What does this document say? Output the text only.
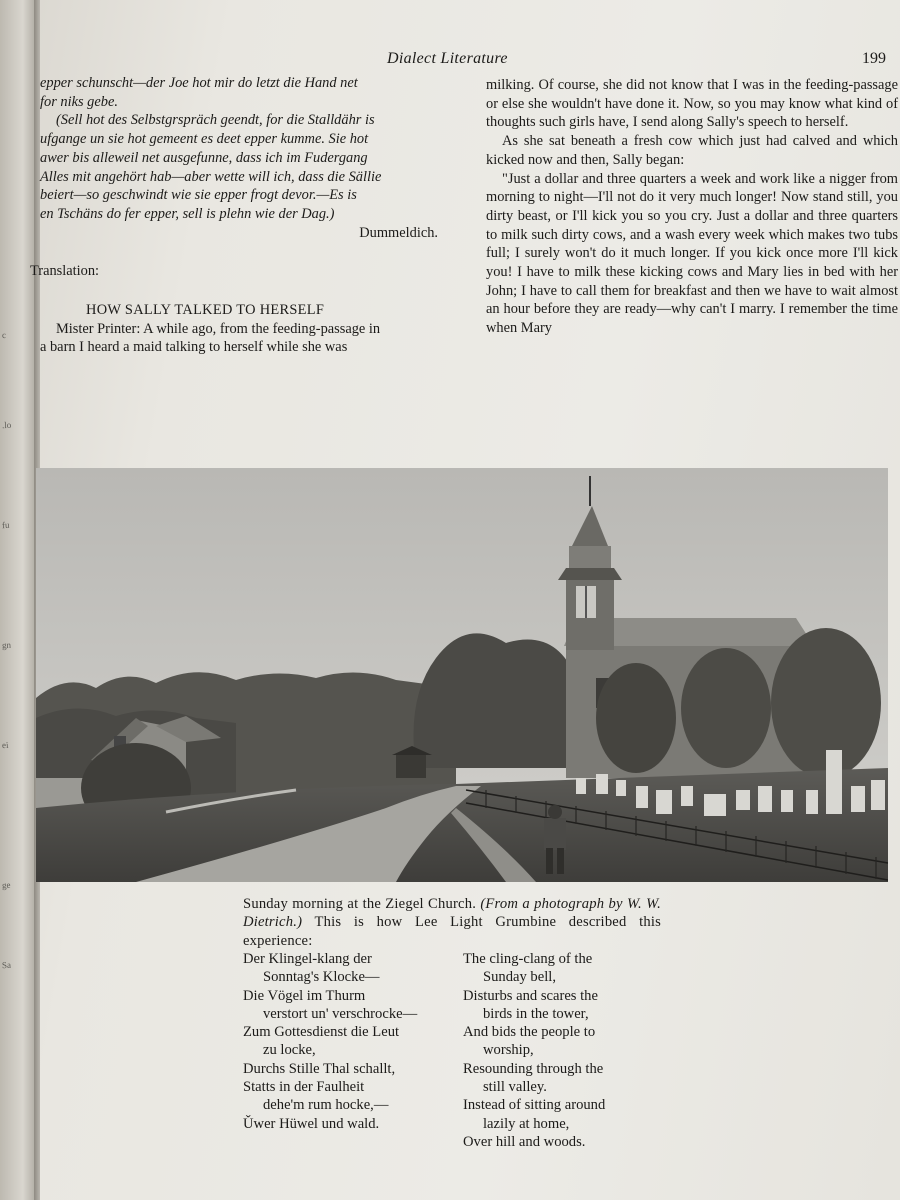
c
.lo
fu
gn
ei
ge
Sa
Dialect Literature	199

epper schunscht—der Joe hot mir do letzt die Hand net

for niks gebe.

(Sell hot des Selbstgrspräch geendt, for die Stalldähr is

ufgange un sie hot gemeent es deet epper kumme. Sie hot

awer bis alleweil net ausgefunne, dass ich im Fudergang

Alles mit angehört hab—aber wette will ich, dass die Sällie

beiert—so geschwindt wie sie epper frogt devor.—Es is

en Tschäns do fer epper, sell is plehn wie der Dag.)

Dummeldich.

Translation:

HOW SALLY TALKED TO HERSELF

Mister Printer: A while ago, from the feeding-passage in

a barn I heard a maid talking to herself while she was

milking. Of course, she did not know that I was in the feeding-passage or else she wouldn't have done it. Now, so you may know what kind of thoughts such girls have, I send along Sally's speech to herself.

As she sat beneath a fresh cow which just had calved and which kicked now and then, Sally began:

"Just a dollar and three quarters a week and work like a nigger from morning to night—I'll not do it very much longer! Now stand still, you dirty beast, or I'll kick you so you cry. Just a dollar and three quarters to milk such dirty cows, and a wash every week which makes two tubs full; I surely won't do it much longer. If you kick once more I'll kick you! I have to milk these kicking cows and Mary lies in bed with her John; I have to call them for breakfast and then we have to wait almost an hour before they are ready—why can't I marry. I remember the time when Mary

Sunday morning at the Ziegel Church. (From a photograph by W. W. Dietrich.) This is how Lee Light Grumbine described this experience:
Der Klingel-klang der
Sonntag's Klocke—
Die Vögel im Thurm
verstort un' verschrocke—
Zum Gottesdienst die Leut
zu locke,
Durchs Stille Thal schallt,
Statts in der Faulheit
dehe'm rum hocke,—
Ǔwer Hüwel und wald.
The cling-clang of the
Sunday bell,
Disturbs and scares the
birds in the tower,
And bids the people to
worship,
Resounding through the
still valley.
Instead of sitting around
lazily at home,
Over hill and woods.
